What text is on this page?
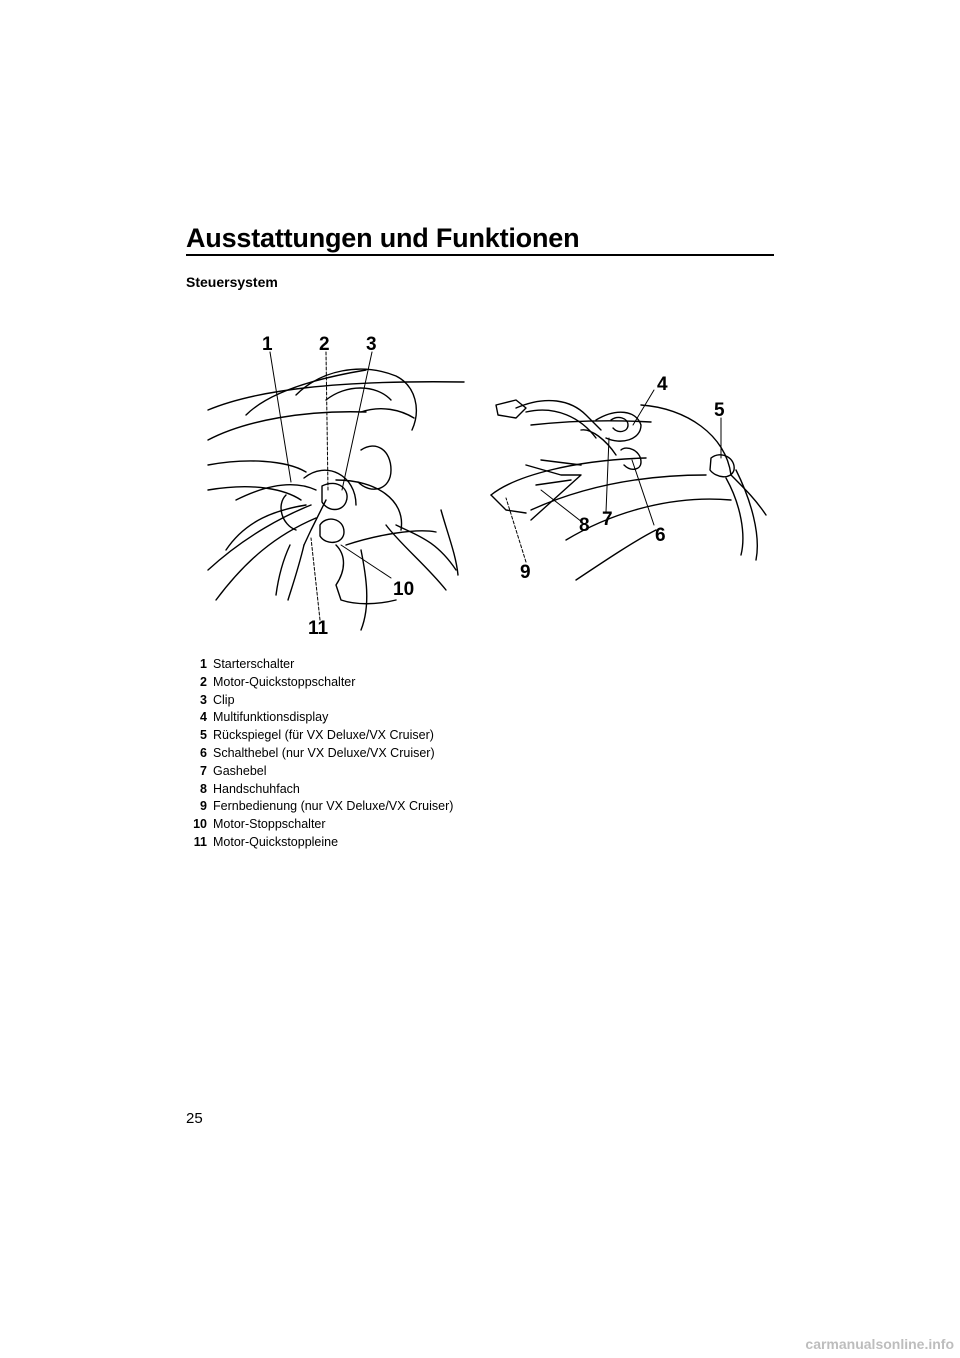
Ausstattungen und Funktionen
Steuersystem
1 2 3
4
5
6
7
8
9
10
11
1 Starterschalter
2 Motor-Quickstoppschalter
3 Clip
4 Multifunktionsdisplay
5 Rückspiegel (für VX Deluxe/VX Cruiser)
6 Schalthebel (nur VX Deluxe/VX Cruiser)
7 Gashebel
8 Handschuhfach
9 Fernbedienung (nur VX Deluxe/VX Cruiser)
10 Motor-Stoppschalter
11 Motor-Quickstoppleine
25
carmanualsonline.info
